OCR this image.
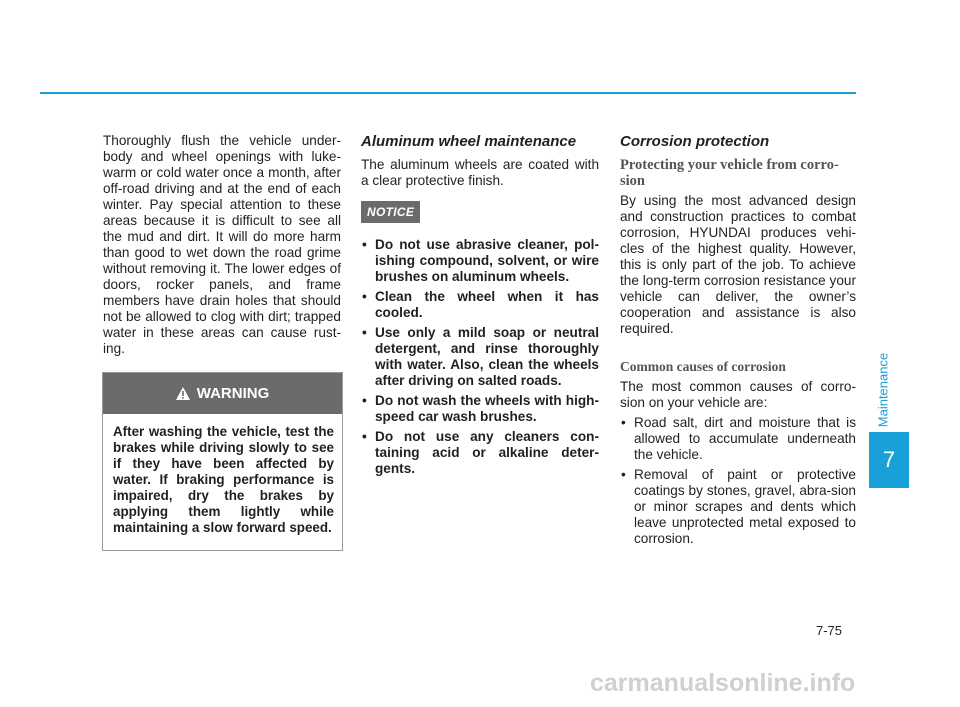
Thoroughly flush the vehicle under-body and wheel openings with luke-warm or cold water once a month, after off-road driving and at the end of each winter. Pay special attention to these areas because it is difficult to see all the mud and dirt. It will do more harm than good to wet down the road grime without removing it. The lower edges of doors, rocker panels, and frame members have drain holes that should not be allowed to clog with dirt; trapped water in these areas can cause rust-ing.

WARNING
After washing the vehicle, test the brakes while driving slowly to see if they have been affected by water. If braking performance is impaired, dry the brakes by applying them lightly while maintaining a slow forward speed.
Aluminum wheel maintenance

The aluminum wheels are coated with a clear protective finish.

NOTICE
• Do not use abrasive cleaner, pol-ishing compound, solvent, or wire brushes on aluminum wheels.
• Clean the wheel when it has cooled.
• Use only a mild soap or neutral detergent, and rinse thoroughly with water. Also, clean the wheels after driving on salted roads.
• Do not wash the wheels with high-speed car wash brushes.
• Do not use any cleaners con-taining acid or alkaline deter-gents.
Corrosion protection
Protecting your vehicle from corro-sion

By using the most advanced design and construction practices to combat corrosion, HYUNDAI produces vehi-cles of the highest quality. However, this is only part of the job. To achieve the long-term corrosion resistance your vehicle can deliver, the owner’s cooperation and assistance is also required.

Common causes of corrosion

The most common causes of corro-sion on your vehicle are:

• Road salt, dirt and moisture that is allowed to accumulate underneath the vehicle.
• Removal of paint or protective coatings by stones, gravel, abra-sion or minor scrapes and dents which leave unprotected metal exposed to corrosion.
Maintenance
7
7-75
carmanualsonline.info
